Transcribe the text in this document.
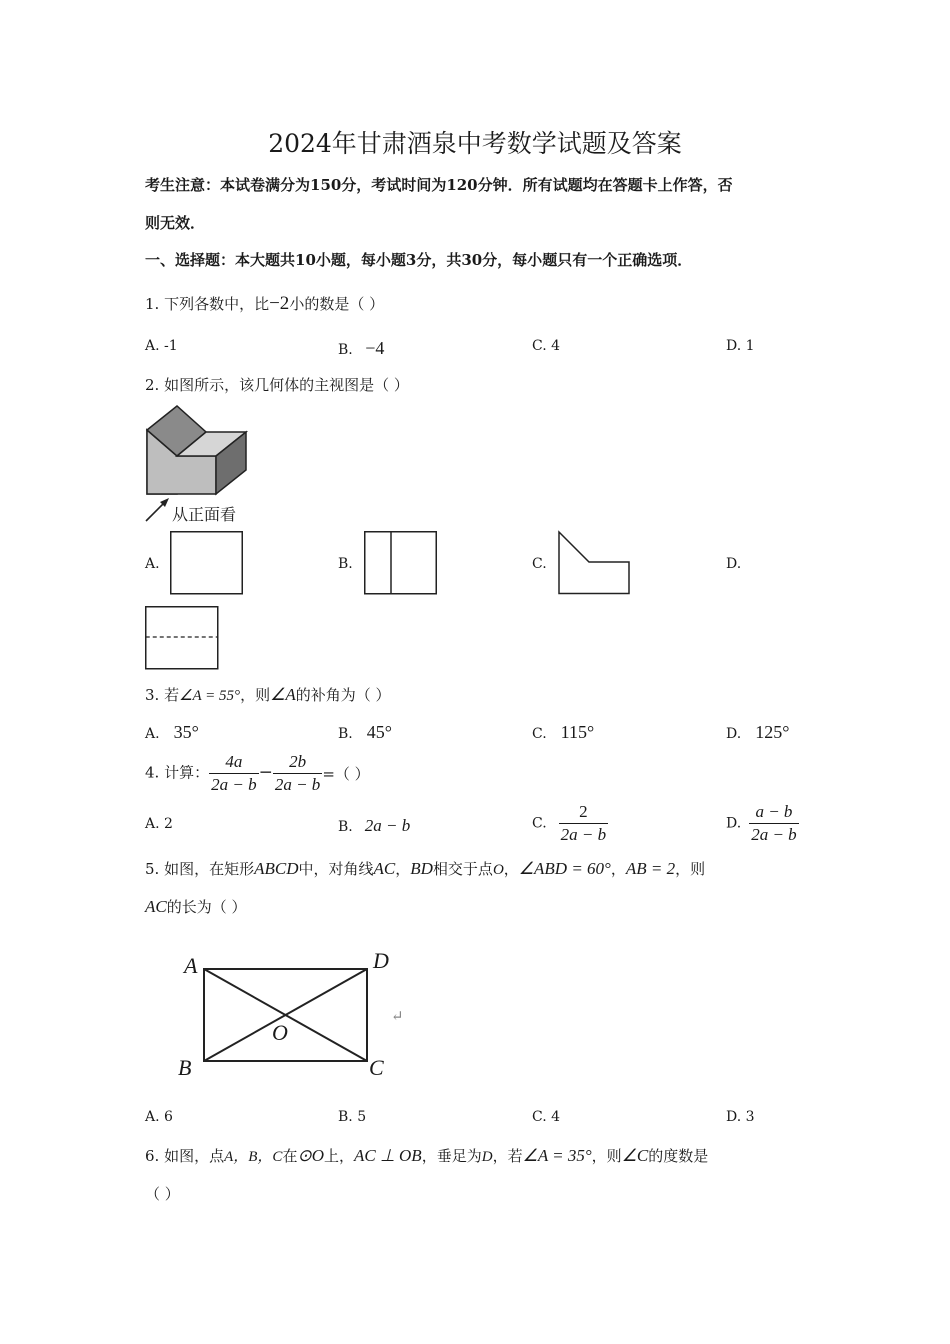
2024年甘肃酒泉中考数学试题及答案
考生注意：本试卷满分为150分，考试时间为120分钟．所有试题均在答题卡上作答，否
则无效．
一、选择题：本大题共10小题，每小题3分，共30分，每小题只有一个正确选项．
1. 下列各数中，比−2小的数是（ ）
A. -1	B. −4	C. 4	D. 1
2. 如图所示，该几何体的主视图是（ ）
从正面看
A.	B.	C.	D.
3. 若∠A = 55°，则∠A的补角为（ ）
A. 35°	B. 45°	C. 115°	D. 125°
4. 计算： $\frac{4a}{2a - b} - \frac{2b}{2a - b}$ =（ ）
A. 2	B. 2a − b	C. $\frac{2}{2a - b}$	D. $\frac{a - b}{2a - b}$
5. 如图，在矩形ABCD中，对角线AC，BD相交于点O，∠ABD = 60°，AB = 2，则
AC的长为（ ）
A	D
B	C
O
↵
A. 6	B. 5	C. 4	D. 3
6. 如图，点A，B，C在⊙O上，AC ⊥ OB，垂足为D，若∠A = 35°，则∠C的度数是
（ ）
